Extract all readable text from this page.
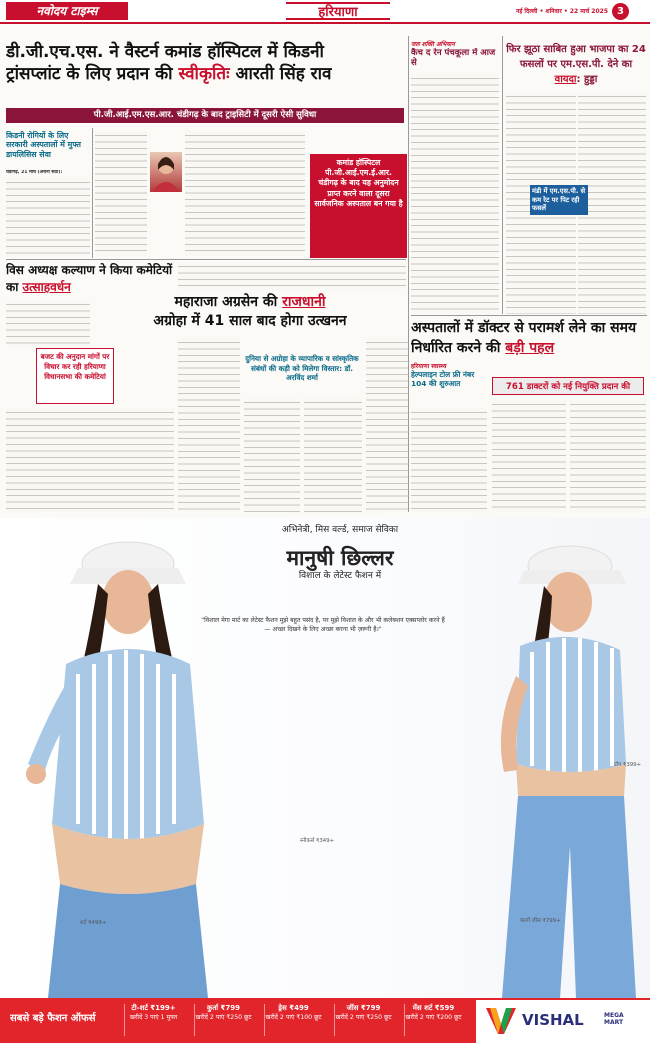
नवोदय टाइम्स	हरियाणा	नई दिल्ली • शनिवार • 22 मार्च 2025 3
डी.जी.एच.एस. ने वैस्टर्न कमांड हॉस्पिटल में किडनी
ट्रांसप्लांट के लिए प्रदान की स्वीकृतिः आरती सिंह राव
पी.जी.आई.एम.एस.आर. चंडीगढ़ के बाद ट्राइसिटी में दूसरी ऐसी सुविधा
किडनी रोगियों के लिए सरकारी अस्पतालों में मुफ्त डायलिसिस सेवा
चंडीगढ़, 21 मार्च (अर्चना सेठी):
कमांड हॉस्पिटल पी.जी.आई.एम.ई.आर. चंडीगढ़ के बाद यह अनुमोदन प्राप्त करने वाला दूसरा सार्वजनिक अस्पताल बन गया है
विस अध्यक्ष कल्याण ने किया कमेटियों का उत्साहवर्धन
बजट की अनुदान मांगों पर विचार कर रही हरियाणा विधानसभा की कमेटियां
महाराजा अग्रसेन की राजधानी
अग्रोहा में 41 साल बाद होगा उत्खनन
दुनिया से अग्रोहा के व्यापारिक व सांस्कृतिक संबंधों की कड़ी को मिलेगा विस्तार: डॉ. अरविंद शर्मा
जल शक्ति अभियान
कैच द रेन पंचकूला में आज से
फिर झूठा साबित हुआ भाजपा का 24 फसलों पर एम.एस.पी. देने का वायदा: हुड्डा
मंडी में एम.एस.पी. से कम रेट पर पिट रही फसलें
अस्पतालों में डॉक्टर से परामर्श लेने का समय निर्धारित करने की बड़ी पहल
हरियाणा स्वास्थ्य
हेल्पलाइन टोल फ्री नंबर 104 की शुरुआत	761 डाक्टरों को नई नियुक्ति प्रदान की
अभिनेत्री, मिस वर्ल्ड, समाज सेविका
मानुषी छिल्लर
विशाल के लेटेस्ट फैशन में
"विशाल मेगा मार्ट का लेटेस्ट फैशन मुझे बहुत पसंद है, पर मुझे विशाल के और भी कलेक्शन एक्सप्लोर करने हैं — अच्छा दिखने के लिए अच्छा करना भी ज़रूरी है।"
शर्ट ₹499+
स्नीकर्स ₹349+
कार्गो जींस ₹799+
टॉप ₹399+
सबसे बड़े फैशन ऑफर्स
टी-शर्ट ₹199+
खरीदें 3 पाएं 1 मुफ्त
कुर्ता ₹799
खरीदें 2 पाएं ₹250 छूट
ड्रेस ₹499
खरीदें 2 पाएं ₹100 छूट
जींस ₹799
खरीदें 2 पाएं ₹250 छूट
मेंस शर्ट ₹599
खरीदें 2 पाएं ₹200 छूट	VISHAL	MEGA MART
